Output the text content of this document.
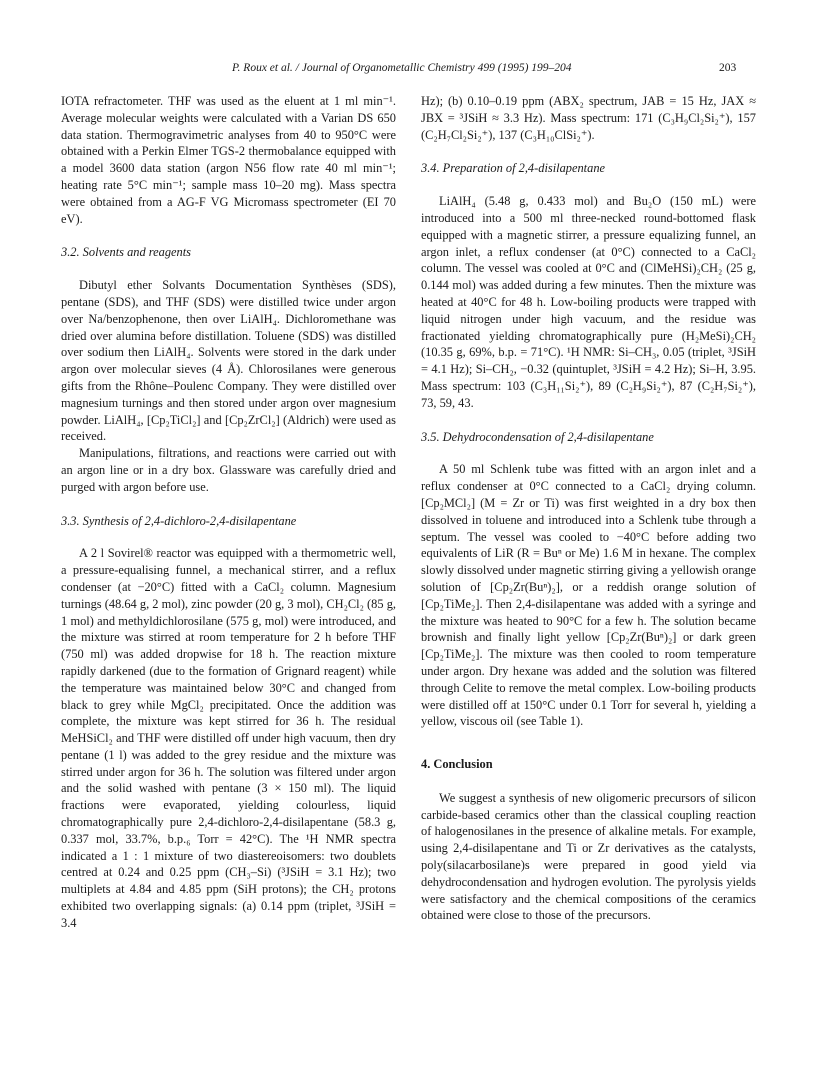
P. Roux et al. / Journal of Organometallic Chemistry 499 (1995) 199–204	203

IOTA refractometer. THF was used as the eluent at 1 ml min⁻¹. Average molecular weights were calculated with a Varian DS 650 data station. Thermogravimetric analyses from 40 to 950°C were obtained with a Perkin Elmer TGS-2 thermobalance equipped with a model 3600 data station (argon N56 flow rate 40 ml min⁻¹; heating rate 5°C min⁻¹; sample mass 10–20 mg). Mass spectra were obtained from a AG-F VG Micromass spectrometer (EI 70 eV).

3.2. Solvents and reagents

Dibutyl ether Solvants Documentation Synthèses (SDS), pentane (SDS), and THF (SDS) were distilled twice under argon over Na/benzophenone, then over LiAlH₄. Dichloromethane was dried over alumina before distillation. Toluene (SDS) was distilled over sodium then LiAlH₄. Solvents were stored in the dark under argon over molecular sieves (4 Å). Chlorosilanes were generous gifts from the Rhône–Poulenc Company. They were distilled over magnesium turnings and then stored under argon over magnesium powder. LiAlH₄, [Cp₂TiCl₂] and [Cp₂ZrCl₂] (Aldrich) were used as received.

Manipulations, filtrations, and reactions were carried out with an argon line or in a dry box. Glassware was carefully dried and purged with argon before use.

3.3. Synthesis of 2,4-dichloro-2,4-disilapentane

A 2 l Sovirel® reactor was equipped with a thermometric well, a pressure-equalising funnel, a mechanical stirrer, and a reflux condenser (at −20°C) fitted with a CaCl₂ column. Magnesium turnings (48.64 g, 2 mol), zinc powder (20 g, 3 mol), CH₂Cl₂ (85 g, 1 mol) and methyldichlorosilane (575 g, mol) were introduced, and the mixture was stirred at room temperature for 2 h before THF (750 ml) was added dropwise for 18 h. The reaction mixture rapidly darkened (due to the formation of Grignard reagent) while the temperature was maintained below 30°C and changed from black to grey while MgCl₂ precipitated. Once the addition was complete, the mixture was kept stirred for 36 h. The residual MeHSiCl₂ and THF were distilled off under high vacuum, then dry pentane (1 l) was added to the grey residue and the mixture was stirred under argon for 36 h. The solution was filtered under argon and the solid washed with pentane (3 × 150 ml). The liquid fractions were evaporated, yielding colourless, liquid chromatographically pure 2,4-dichloro-2,4-disilapentane (58.3 g, 0.337 mol, 33.7%, b.p.₆ Torr = 42°C). The ¹H NMR spectra indicated a 1 : 1 mixture of two diastereoisomers: two doublets centred at 0.24 and 0.25 ppm (CH₃–Si) (³JSiH = 3.1 Hz); two multiplets at 4.84 and 4.85 ppm (SiH protons); the CH₂ protons exhibited two overlapping signals: (a) 0.14 ppm (triplet, ³JSiH = 3.4

Hz); (b) 0.10–0.19 ppm (ABX₂ spectrum, JAB = 15 Hz, JAX ≈ JBX = ³JSiH ≈ 3.3 Hz). Mass spectrum: 171 (C₃H₉Cl₂Si₂⁺), 157 (C₂H₇Cl₂Si₂⁺), 137 (C₃H₁₀ClSi₂⁺).

3.4. Preparation of 2,4-disilapentane

LiAlH₄ (5.48 g, 0.433 mol) and Bu₂O (150 mL) were introduced into a 500 ml three-necked round-bottomed flask equipped with a magnetic stirrer, a pressure equalizing funnel, an argon inlet, a reflux condenser (at 0°C) connected to a CaCl₂ column. The vessel was cooled at 0°C and (ClMeHSi)₂CH₂ (25 g, 0.144 mol) was added during a few minutes. Then the mixture was heated at 40°C for 48 h. Low-boiling products were trapped with liquid nitrogen under high vacuum, and the residue was fractionated yielding chromatographically pure (H₂MeSi)₂CH₂ (10.35 g, 69%, b.p. = 71°C). ¹H NMR: Si–CH₃, 0.05 (triplet, ³JSiH = 4.1 Hz); Si–CH₂, −0.32 (quintuplet, ³JSiH = 4.2 Hz); Si–H, 3.95. Mass spectrum: 103 (C₃H₁₁Si₂⁺), 89 (C₂H₉Si₂⁺), 87 (C₂H₇Si₂⁺), 73, 59, 43.

3.5. Dehydrocondensation of 2,4-disilapentane

A 50 ml Schlenk tube was fitted with an argon inlet and a reflux condenser at 0°C connected to a CaCl₂ drying column. [Cp₂MCl₂] (M = Zr or Ti) was first weighted in a dry box then dissolved in toluene and introduced into a Schlenk tube through a septum. The vessel was cooled to −40°C before adding two equivalents of LiR (R = Buⁿ or Me) 1.6 M in hexane. The complex slowly dissolved under magnetic stirring giving a yellowish orange solution of [Cp₂Zr(Buⁿ)₂], or a reddish orange solution of [Cp₂TiMe₂]. Then 2,4-disilapentane was added with a syringe and the mixture was heated to 90°C for a few h. The solution became brownish and finally light yellow [Cp₂Zr(Buⁿ)₂] or dark green [Cp₂TiMe₂]. The mixture was then cooled to room temperature under argon. Dry hexane was added and the solution was filtered through Celite to remove the metal complex. Low-boiling products were distilled off at 150°C under 0.1 Torr for several h, yielding a yellow, viscous oil (see Table 1).

4. Conclusion

We suggest a synthesis of new oligomeric precursors of silicon carbide-based ceramics other than the classical coupling reaction of halogenosilanes in the presence of alkaline metals. For example, using 2,4-disilapentane and Ti or Zr derivatives as the catalysts, poly(silacarbosilane)s were prepared in good yield via dehydrocondensation and hydrogen evolution. The pyrolysis yields were satisfactory and the chemical compositions of the ceramics obtained were close to those of the precursors.
